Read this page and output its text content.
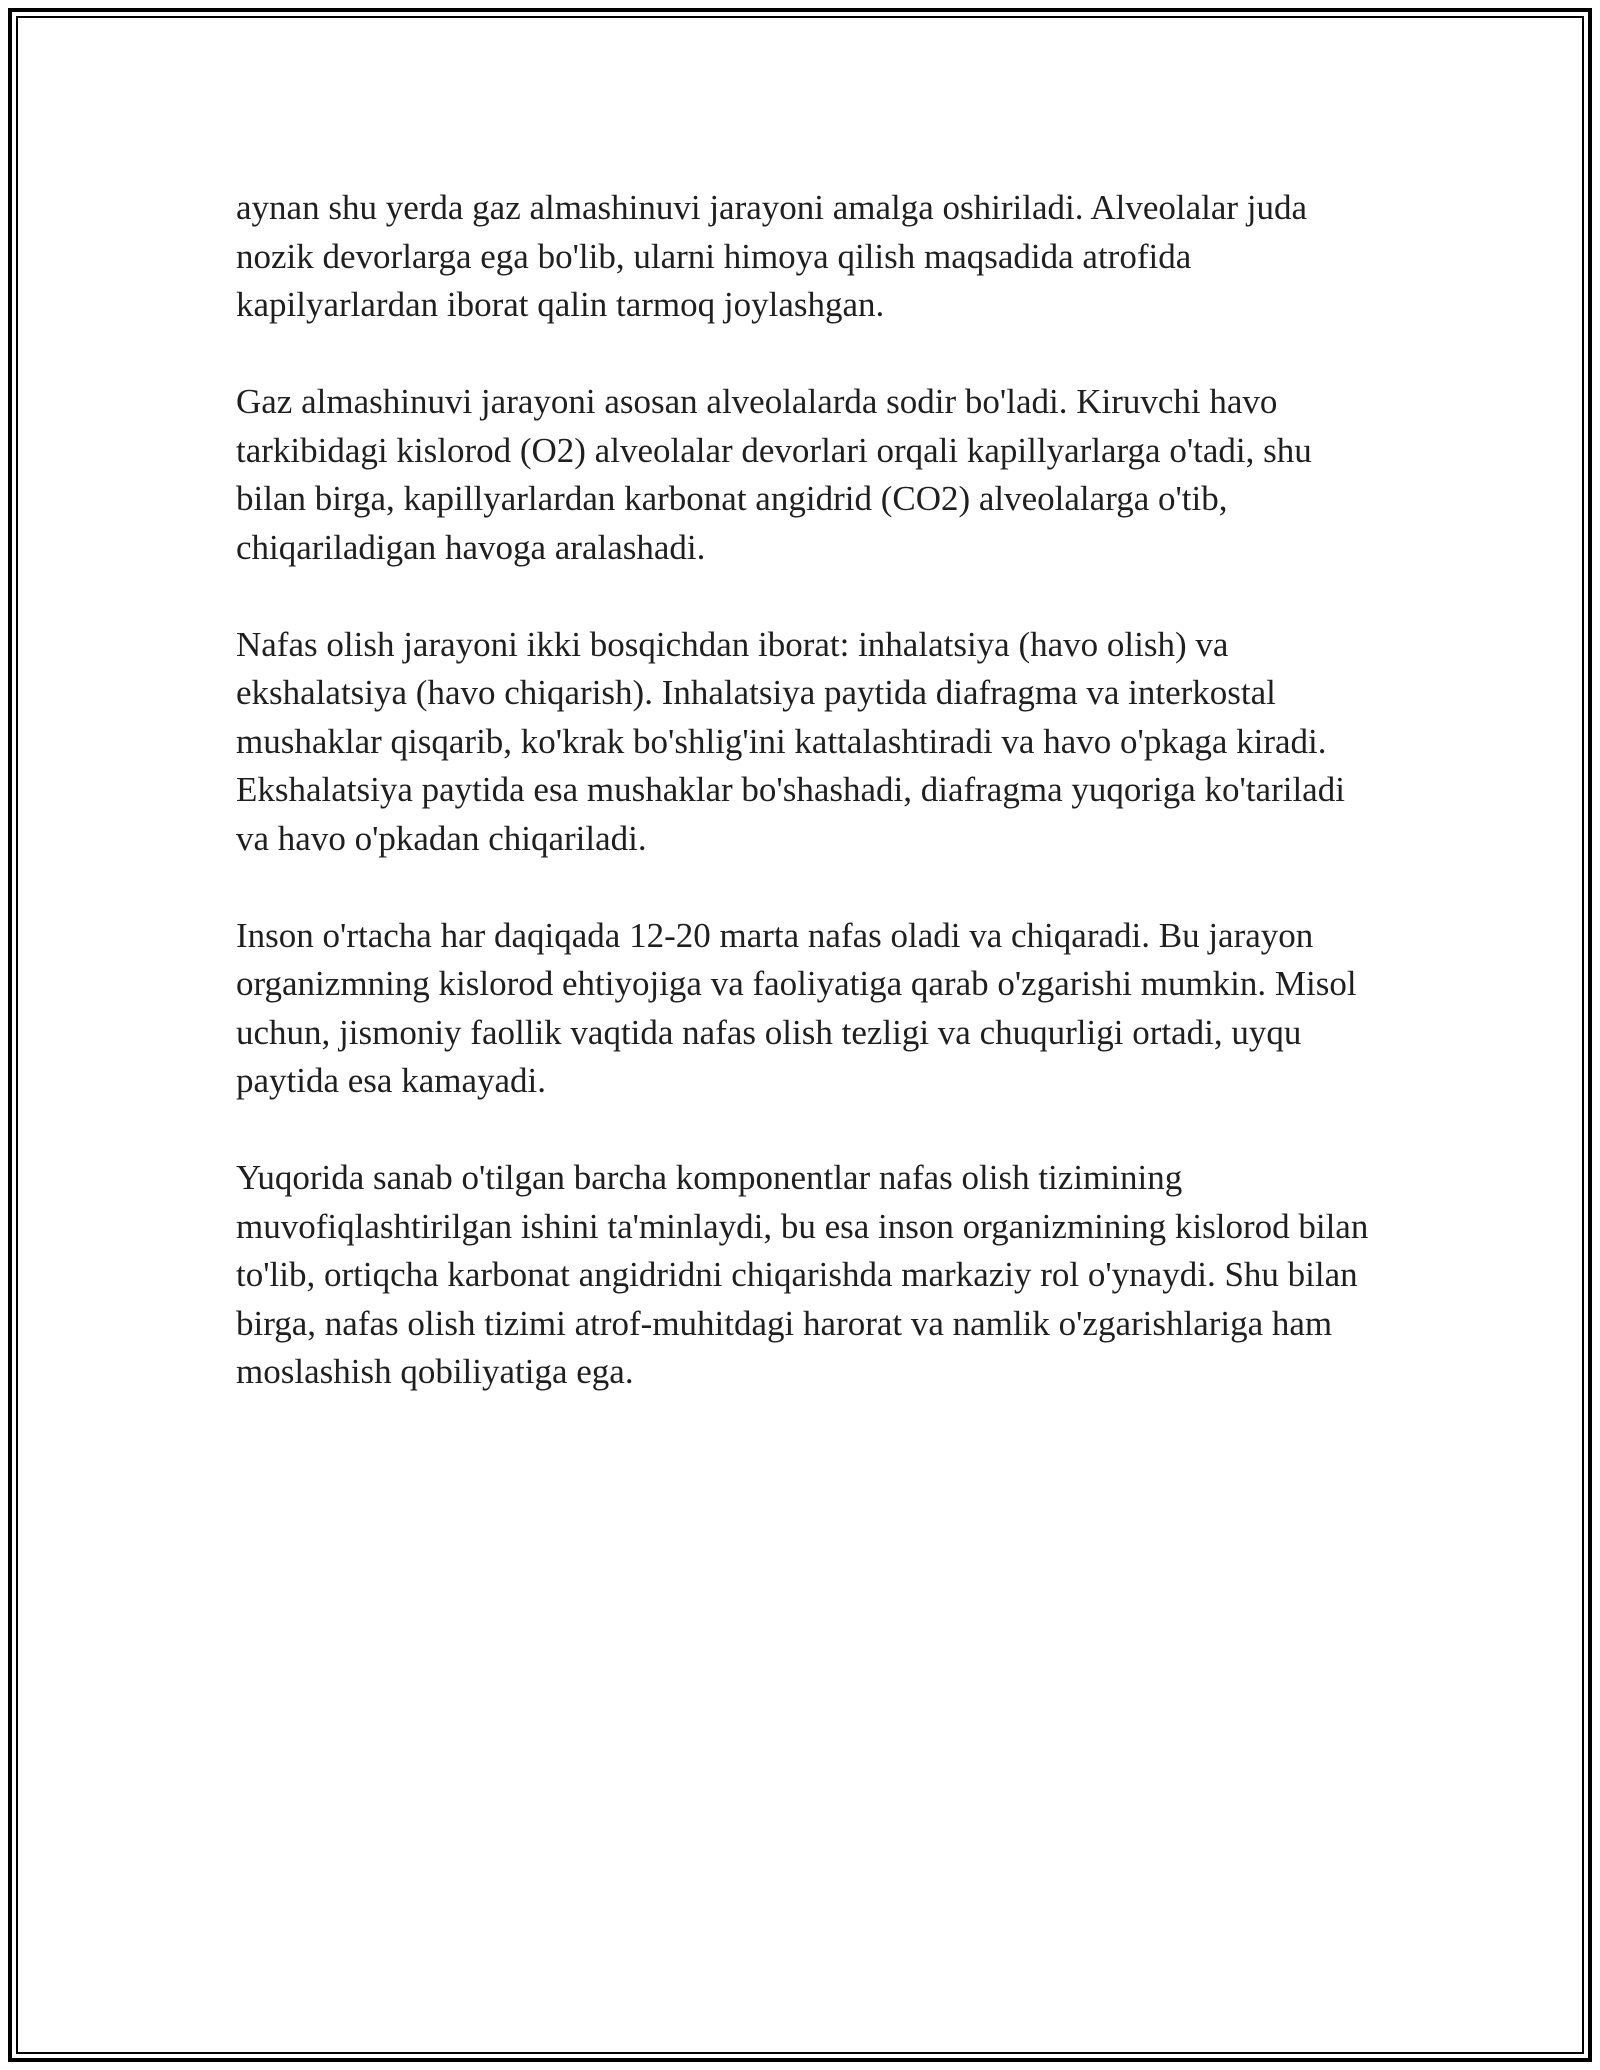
aynan shu yerda gaz almashinuvi jarayoni amalga oshiriladi. Alveolalar juda nozik devorlarga ega bo'lib, ularni himoya qilish maqsadida atrofida kapilyarlardan iborat qalin tarmoq joylashgan.

Gaz almashinuvi jarayoni asosan alveolalarda sodir bo'ladi. Kiruvchi havo tarkibidagi kislorod (O2) alveolalar devorlari orqali kapillyarlarga o'tadi, shu bilan birga, kapillyarlardan karbonat angidrid (CO2) alveolalarga o'tib, chiqariladigan havoga aralashadi.

Nafas olish jarayoni ikki bosqichdan iborat: inhalatsiya (havo olish) va ekshalatsiya (havo chiqarish). Inhalatsiya paytida diafragma va interkostal mushaklar qisqarib, ko'krak bo'shlig'ini kattalashtiradi va havo o'pkaga kiradi. Ekshalatsiya paytida esa mushaklar bo'shashadi, diafragma yuqoriga ko'tariladi va havo o'pkadan chiqariladi.

Inson o'rtacha har daqiqada 12-20 marta nafas oladi va chiqaradi. Bu jarayon organizmning kislorod ehtiyojiga va faoliyatiga qarab o'zgarishi mumkin. Misol uchun, jismoniy faollik vaqtida nafas olish tezligi va chuqurligi ortadi, uyqu paytida esa kamayadi.

Yuqorida sanab o'tilgan barcha komponentlar nafas olish tizimining muvofiqlashtirilgan ishini ta'minlaydi, bu esa inson organizmining kislorod bilan to'lib, ortiqcha karbonat angidridni chiqarishda markaziy rol o'ynaydi. Shu bilan birga, nafas olish tizimi atrof-muhitdagi harorat va namlik o'zgarishlariga ham moslashish qobiliyatiga ega.
